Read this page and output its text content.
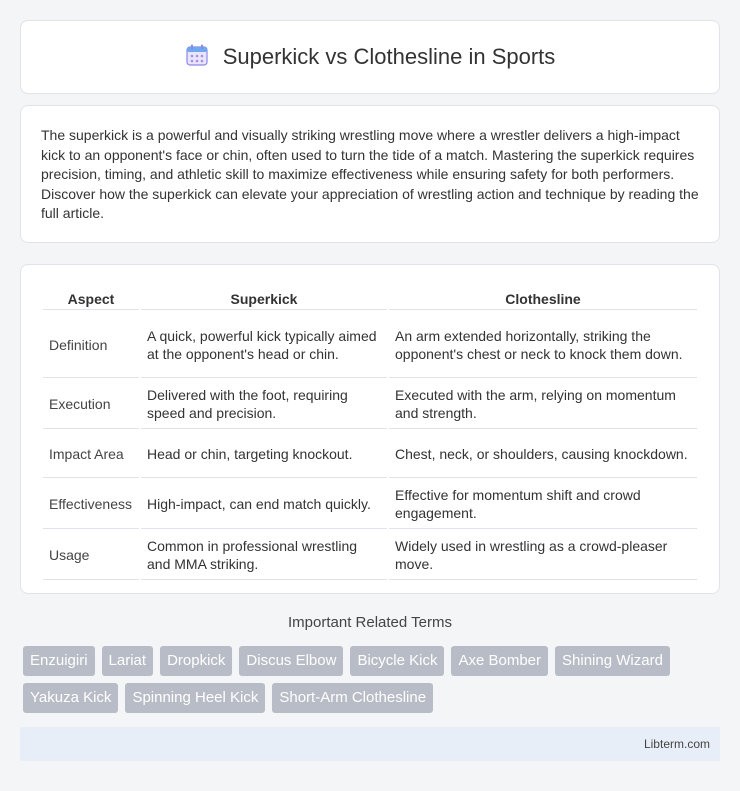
Superkick vs Clothesline in Sports

The superkick is a powerful and visually striking wrestling move where a wrestler delivers a high-impact kick to an opponent's face or chin, often used to turn the tide of a match. Mastering the superkick requires precision, timing, and athletic skill to maximize effectiveness while ensuring safety for both performers. Discover how the superkick can elevate your appreciation of wrestling action and technique by reading the full article.

Aspect	Superkick	Clothesline
Definition	A quick, powerful kick typically aimed at the opponent's head or chin.	An arm extended horizontally, striking the opponent's chest or neck to knock them down.
Execution	Delivered with the foot, requiring speed and precision.	Executed with the arm, relying on momentum and strength.
Impact Area	Head or chin, targeting knockout.	Chest, neck, or shoulders, causing knockdown.
Effectiveness	High-impact, can end match quickly.	Effective for momentum shift and crowd engagement.
Usage	Common in professional wrestling and MMA striking.	Widely used in wrestling as a crowd-pleaser move.
Important Related Terms
Enzuigiri	Lariat	Dropkick	Discus Elbow	Bicycle Kick	Axe Bomber	Shining Wizard
Yakuza Kick	Spinning Heel Kick	Short-Arm Clothesline
Libterm.com
